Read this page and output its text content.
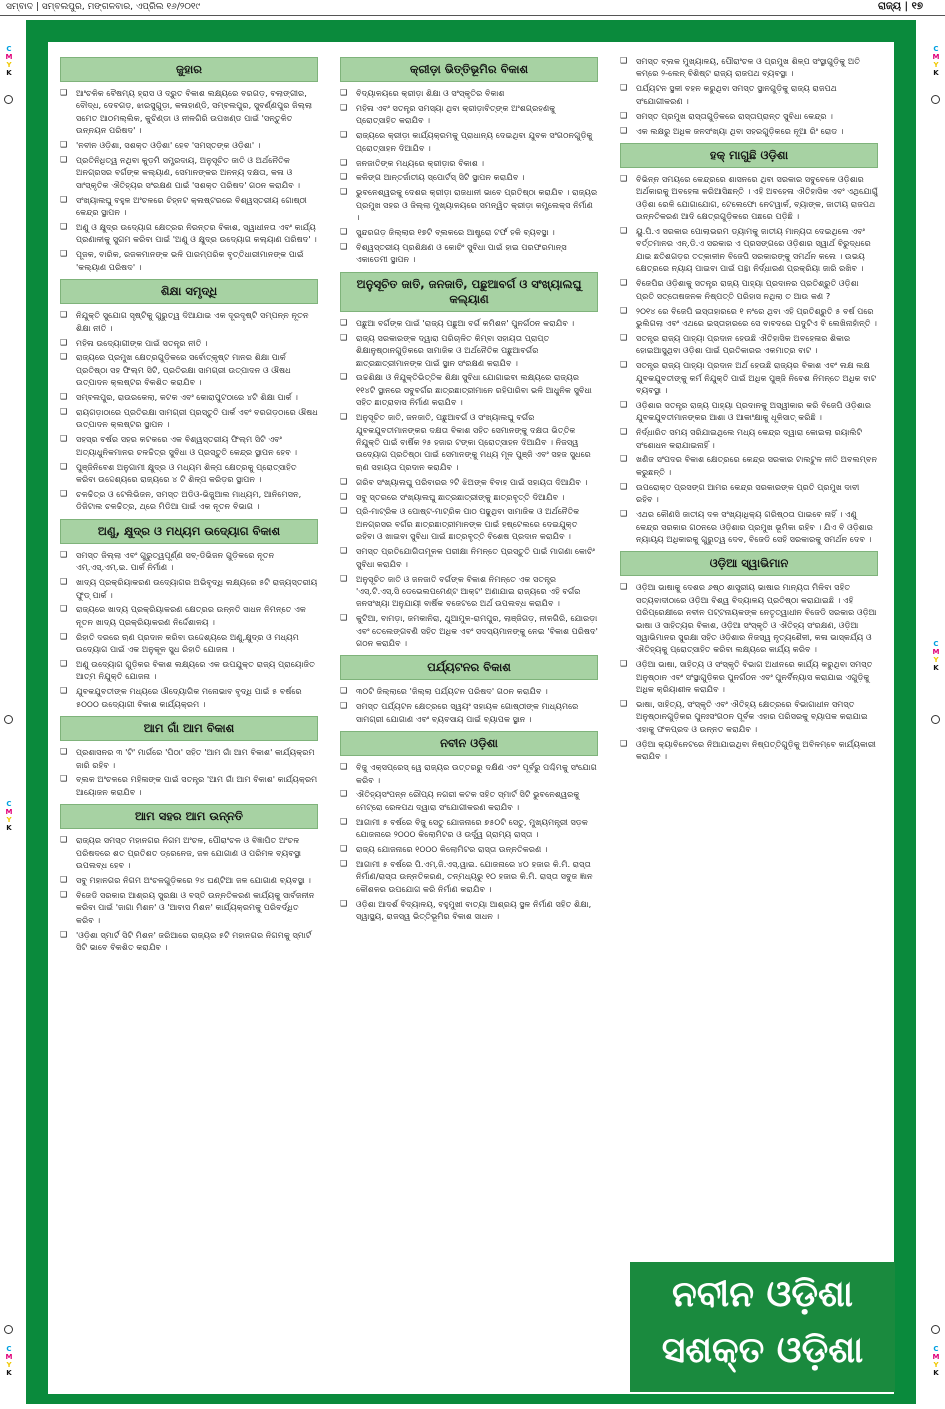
ସମ୍ବାଦ | ସମ୍ବଲପୁର, ମଙ୍ଗଳବାର, ଏପ୍ରିଲ ୧୬/୨୦୧୯	ରାଜ୍ୟ | ୧୭
C
M
Y
K
C
M
Y
K
C
M
Y
K
C
M
Y
K
C
M
Y
K
C
M
Y
K
ଜୁହାର
❑ ଆଂଚଳିକ ବୈଷମ୍ୟ ହ୍ରାସ ଓ ଦ୍ରୁତ ବିକାଶ ଲକ୍ଷ୍ୟରେ ବରଗଡ଼, ବଲାଙ୍ଗୀର, ବୌଦ୍ଧ, ଦେବଗଡ଼, ଝାରସୁଗୁଡ଼ା, କଳାହାଣ୍ଡି, ସମ୍ବଲପୁର, ସୁବର୍ଣ୍ଣପୁର ଜିଲ୍ଲା ସମେତ ଆଠମଲ୍ଲିକ, କୁଚିଣ୍ଡା ଓ ନୀଳଗିରି ଉପଖଣ୍ଡ ପାଇଁ 'ସନ୍ତୁଳିତ ଉନ୍ନୟନ ପରିଷଦ' ।
❑ 'ନବୀନ ଓଡ଼ିଶା, ସଶକ୍ତ ଓଡ଼ିଶା' ହେବ 'ସମସ୍ତଙ୍କ ଓଡ଼ିଶା' ।
❑ ପ୍ରତିନିଧିତ୍ୱ ନଥିବା କୁଡ଼ମି ସମ୍ପ୍ରଦାୟ, ଅନୁସୂଚିତ ଜାତି ଓ ଅର୍ଥନୈତିକ ଅନଗ୍ରସର ବର୍ଗଙ୍କ କଲ୍ୟାଣ, ସେମାନଙ୍କର ଅନନ୍ୟ ଦକ୍ଷତା, କଳା ଓ ସାଂସ୍କୃତିକ ଐତିହ୍ୟର ସଂରକ୍ଷଣ ପାଇଁ 'ସଶକ୍ତ ପରିଷଦ' ଗଠନ କରାଯିବ ।
❑ ସଂଖ୍ୟାଲଘୁ ବହୁଳ ଅଂଚଳରେ ଚିହ୍ନଟ କ୍ଲଷ୍ଟରରେ ବିଶ୍ୱସ୍ତରୀୟ ଗୋଷ୍ଠୀ କେନ୍ଦ୍ର ସ୍ଥାପନ ।
❑ ଅଣୁ ଓ କ୍ଷୁଦ୍ର ଉଦ୍ୟୋଗ କ୍ଷେତ୍ରର ନିରନ୍ତର ବିକାଶ, ସ୍ୱାଧୀନତା ଏବଂ କାର୍ଯ୍ୟ ପ୍ରଣାଳୀକୁ ସୁଗମ କରିବା ପାଇଁ 'ଅଣୁ ଓ କ୍ଷୁଦ୍ର ଉଦ୍ୟୋଗ କଲ୍ୟାଣ ପରିଷଦ' ।
❑ ପୂଜକ, ବାରିକ, ରଜକମାନଙ୍କ ଭଳି ପାରମ୍ପରିକ ବୃତ୍ତିଧାରୀମାନଙ୍କ ପାଇଁ 'କଲ୍ୟାଣ ପରିଷଦ' ।
ଶିକ୍ଷା ସମୃଦ୍ଧି
❑ ନିଯୁକ୍ତି ସୁଯୋଗ ସୃଷ୍ଟିକୁ ଗୁରୁତ୍ୱ ଦିଆଯାଇ ଏକ ଦୂରଦୃଷ୍ଟି ସମ୍ପନ୍ନ ନୂତନ ଶିକ୍ଷା ନୀତି ।
❑ ମହିଳା ଉଦ୍ୟୋଗୀଙ୍କ ପାଇଁ ସତନ୍ତ୍ର ନୀତି ।
❑ ରାଜ୍ୟରେ ପ୍ରମୁଖ କ୍ଷେତ୍ରଗୁଡ଼ିକରେ ସର୍ବୋତ୍କୃଷ୍ଟ ମାନର ଶିକ୍ଷା ପାର୍କ ପ୍ରତିଷ୍ଠା ସହ ଫିଲ୍ମ ସିଟି, ପ୍ରତିରକ୍ଷା ସାମଗ୍ରୀ ଉତ୍ପାଦନ ଓ ଔଷଧ ଉତ୍ପାଦନ କ୍ଲଷ୍ଟର ବିକଶିତ କରାଯିବ ।
❑ ସମ୍ବଲପୁର, ରାଉରକେଲା, କଟକ ଏବଂ କୋରାପୁଟଠାରେ ୪ଟି ଶିକ୍ଷା ପାର୍କ ।
❑ ରାୟଗଡ଼ାଠାରେ ପ୍ରତିରକ୍ଷା ସାମଗ୍ରୀ ପ୍ରସ୍ତୁତି ପାର୍କ ଏବଂ ବରଗଡ଼ଠାରେ ଔଷଧ ଉତ୍ପାଦନ କ୍ଲଷ୍ଟର ସ୍ଥାପନ ।
❑ ସହସ୍ର ବର୍ଷର ସହର କଟକରେ ଏକ ବିଶ୍ୱସ୍ତରୀୟ ଫିଲ୍ମ ସିଟି ଏବଂ ଅତ୍ୟାଧୁନିକମାନର ଚଳଚ୍ଚିତ୍ର ସୁବିଧା ଓ ପ୍ରସ୍ତୁତି କେନ୍ଦ୍ର ସ୍ଥାପନ ହେବ ।
❑ ପୁଞ୍ଜିନିବେଶ ଅନୁଗାମୀ କ୍ଷୁଦ୍ର ଓ ମଧ୍ୟମ ଶିଳ୍ପ କ୍ଷେତ୍ରକୁ ପ୍ରୋତ୍ସାହିତ କରିବା ଉଦ୍ଦେଶ୍ୟରେ ରାଜ୍ୟରେ ୪ ଟି ଶିଳ୍ପ କରିଡ଼ର ସ୍ଥାପନ ।
❑ ଚଳଚ୍ଚିତ୍ର ଓ ଟେଲିଭିଜନ, ସମସ୍ତ ଅଡିଓ-ଭିଜୁଆଲ ମାଧ୍ୟମ, ଆନିମେସନ, ଡିଜିଟାଲ ଚଳଚ୍ଚିତ୍ର, ଥ୍ରେ ମିଡିଆ ପାଇଁ ଏକ ନୂତନ ବିଭାଗ ।
ଅଣୁ, କ୍ଷୁଦ୍ର ଓ ମଧ୍ୟମ ଉଦ୍ୟୋଗ ବିକାଶ
❑ ସମସ୍ତ ଜିଲ୍ଲା ଏବଂ ଗୁରୁତ୍ୱପୂର୍ଣ୍ଣ ସବ୍-ଡିଭିଜନ ଗୁଡ଼ିକରେ ନୂତନ ଏମ୍.ଏସ୍.ଏମ୍.ଇ. ପାର୍କ ନିର୍ମାଣ ।
❑ ଖାଦ୍ୟ ପ୍ରକ୍ରିୟାକରଣ ଉଦ୍ୟୋଗର ଅଭିବୃଦ୍ଧି ଲକ୍ଷ୍ୟରେ ୫ଟି ରାଜ୍ୟସ୍ତରୀୟ ଫୁଡ୍ ପାର୍କ ।
❑ ରାଜ୍ୟରେ ଖାଦ୍ୟ ପ୍ରକ୍ରିୟାକରଣ କ୍ଷେତ୍ରର ଉନ୍ନତି ସାଧନ ନିମନ୍ତେ ଏକ ନୂତନ ଖାଦ୍ୟ ପ୍ରକ୍ରିୟାକରଣ ନିର୍ଦ୍ଦେଶାଳୟ ।
❑ ରିହାତି ଦରରେ ଋଣ ପ୍ରଦାନ କରିବା ଉଦ୍ଦେଶ୍ୟରେ ଅଣୁ,କ୍ଷୁଦ୍ର ଓ ମଧ୍ୟମ ଉଦ୍ୟୋଗ ପାଇଁ ଏକ ଅନୁକୂଳ ସୁଧ ରିହାତି ଯୋଜନା ।
❑ ଅଣୁ ଉଦ୍ୟୋଗ ଗୁଡ଼ିକର ବିକାଶ ଲକ୍ଷ୍ୟରେ ଏକ ଉପଯୁକ୍ତ ରାଜ୍ୟ ପ୍ରାୟୋଜିତ ଆତ୍ମ ନିଯୁକ୍ତି ଯୋଜନା ।
❑ ଯୁବକଯୁବତୀଙ୍କ ମଧ୍ୟରେ ଔଦ୍ୟୋଗିକ ମନୋଭାବ ବୃଦ୍ଧି ପାଇଁ ୫ ବର୍ଷରେ ୫୦୦୦ ଉଦ୍ୟୋଗୀ ବିକାଶ କାର୍ଯ୍ୟକ୍ରମ ।
ଆମ ଗାଁ ଆମ ବିକାଶ
❑ ପ୍ରଶାସନର ୩ 'ଟି' ମାର୍ଗରେ 'ପିଠା' ସହିତ 'ଆମ ଗାଁ ଆମ ବିକାଶ' କାର୍ଯ୍ୟକ୍ରମ ଜାରି ରହିବ ।
❑ ବ୍ଲକ ଅଂଚଳରେ ମହିଳାଙ୍କ ପାଇଁ ସତନ୍ତ୍ର 'ଆମ ଗାଁ ଆମ ବିକାଶ' କାର୍ଯ୍ୟକ୍ରମ ଆୟୋଜନ କରାଯିବ ।
ଆମ ସହର ଆମ ଉନ୍ନତି
❑ ରାଜ୍ୟର ସମସ୍ତ ମହାନଗର ନିଗମ ଅଂଚଳ, ପୌରାଂଚଳ ଓ ବିଜ୍ଞାପିତ ଅଂଚଳ ପରିଷଦରେ ଶତ ପ୍ରତିଶତ ଡ୍ରେନେଜ, ଜଳ ଯୋଗାଣ ଓ ପରିମଳ ବ୍ୟବସ୍ଥା ଉପଲବ୍ଧ ହେବ ।
❑ ସବୁ ମହାନଗର ନିଗମ ଅଂଚଳଗୁଡ଼ିକରେ ୨୪ ଘଣ୍ଟିଆ ଜଳ ଯୋଗାଣ ବ୍ୟବସ୍ଥା ।
❑ ବିଜେଡି ସରକାର ଆଶ୍ରୟ ସୁରକ୍ଷା ଓ ବସ୍ତି ଉନ୍ନତିକରଣ କାର୍ଯ୍ୟକୁ ସାର୍ବଜନୀନ କରିବା ପାଇଁ 'ଜାଗା ମିଶନ' ଓ 'ଆବାସ ମିଶନ' କାର୍ଯ୍ୟକ୍ରମକୁ ପରିବର୍ଦ୍ଧିତ କରିବ ।
❑ 'ଓଡ଼ିଶା ସ୍ମାର୍ଟ ସିଟି ମିଶନ' ଜରିଆରେ ରାଜ୍ୟର ୫ଟି ମହାନଗର ନିଗମକୁ ସ୍ମାର୍ଟ ସିଟି ଭାବେ ବିକଶିତ କରାଯିବ ।
କ୍ରୀଡ଼ା ଭିତ୍ତିଭୂମିର ବିକାଶ
❑ ବିଦ୍ୟାଳୟରେ କ୍ରୀଡ଼ା ଶିକ୍ଷା ଓ ସଂସ୍କୃତିର ବିକାଶ
❑ ମହିଳା ଏବଂ ସତନ୍ତ୍ର ସମସ୍ୟା ଥିବା କ୍ରୀଡ଼ାବିତ୍ଙ୍କ ଅଂଶଗ୍ରହଣକୁ ପ୍ରୋତ୍ସାହିତ କରାଯିବ ।
❑ ରାଜ୍ୟରେ କ୍ରୀଡ଼ା କାର୍ଯ୍ୟକ୍ରମକୁ ପ୍ରାଧାନ୍ୟ ଦେଇଥିବା ଯୁବକ ସଂଗଠନଗୁଡ଼ିକୁ ପ୍ରୋତ୍ସାହନ ଦିଆଯିବ ।
❑ ଜନଜାତିଙ୍କ ମଧ୍ୟରେ କ୍ରୀଡ଼ାର ବିକାଶ ।
❑ କଳିଙ୍ଗ ଆନ୍ତର୍ଜାତୀୟ ସ୍ପୋର୍ଟସ୍ ସିଟି ସ୍ଥାପନ କରାଯିବ ।
❑ ଭୁବନେଶ୍ୱରକୁ ଦେଶର କ୍ରୀଡ଼ା ରାଜଧାନୀ ଭାବେ ପ୍ରତିଷ୍ଠା କରାଯିବ । ରାଜ୍ୟର ପ୍ରମୁଖ ସହର ଓ ଜିଲ୍ଲା ମୁଖ୍ୟାଳୟରେ ସମନ୍ୱିତ କ୍ରୀଡ଼ା କମ୍ପ୍ଲେକ୍ସ ନିର୍ମାଣ ।
❑ ସୁନ୍ଦରଗଡ଼ ଜିଲ୍ଲାର ୧୭ଟି ବ୍ଲକରେ ଆଷ୍ଟ୍ରୋ ଟର୍ଫ ହକି ବ୍ୟବସ୍ଥା ।
❑ ବିଶ୍ୱସ୍ତରୀୟ ପ୍ରଶିକ୍ଷଣ ଓ କୋଚିଂ ସୁବିଧା ପାଇଁ ହାଇ ପରଫରମାନ୍ସ ଏକାଡେମୀ ସ୍ଥାପନ ।
ଅନୁସୂଚିତ ଜାତି, ଜନଜାତି, ପଛୁଆବର୍ଗ ଓ ସଂଖ୍ୟାଲଘୁ କଲ୍ୟାଣ
❑ ପଛୁଆ ବର୍ଗଙ୍କ ପାଇଁ 'ରାଜ୍ୟ ପଛୁଆ ବର୍ଗ କମିଶନ' ପୁନର୍ଗଠନ କରାଯିବ ।
❑ ରାଜ୍ୟ ସରକାରଙ୍କ ଦ୍ୱାରା ପରିଚାଳିତ କିମ୍ବା ସହାୟତା ପ୍ରାପ୍ତ ଶିକ୍ଷାନୁଷ୍ଠାନଗୁଡ଼ିକରେ ସାମାଜିକ ଓ ଅର୍ଥନୈତିକ ପଛୁଆବର୍ଗର ଛାତ୍ରଛାତ୍ରୀମାନଙ୍କ ପାଇଁ ସ୍ଥାନ ସଂରକ୍ଷଣ କରାଯିବ ।
❑ ଉଚ୍ଚଶିକ୍ଷା ଓ ନିଯୁକ୍ତିଭିତ୍ତିକ ଶିକ୍ଷା ସୁବିଧା ଯୋଗାଇବା ଲକ୍ଷ୍ୟରେ ରାଜ୍ୟର ୧୧୪ଟି ସ୍ଥାନରେ ସବୁବର୍ଗର ଛାତ୍ରଛାତ୍ରୀମାନେ ରହିପାରିବା ଭଳି ଆଧୁନିକ ସୁବିଧା ସହିତ ଛାତ୍ରାବାସ ନିର୍ମାଣ କରାଯିବ ।
❑ ଅନୁସୂଚିତ ଜାତି, ଜନଜାତି, ପଛୁଆବର୍ଗ ଓ ସଂଖ୍ୟାଲଘୁ ବର୍ଗର ଯୁବକଯୁବତୀମାନଙ୍କର ଦକ୍ଷତା ବିକାଶ ସହିତ ସେମାନଙ୍କୁ ଦକ୍ଷତା ଭିତ୍ତିକ ନିଯୁକ୍ତି ପାଇଁ ବାର୍ଷିକ ୨୫ ହଜାର ଟଙ୍କା ପ୍ରୋତ୍ସାହନ ଦିଆଯିବ । ନିଜସ୍ୱ ଉଦ୍ୟୋଗ ପ୍ରତିଷ୍ଠା ପାଇଁ ସେମାନଙ୍କୁ ମଧ୍ୟ ମୂଳ ପୁଞ୍ଜି ଏବଂ ସହଜ ସୁଧରେ ଋଣ ସହାୟତା ପ୍ରଦାନ କରାଯିବ ।
❑ ଗରିବ ସଂଖ୍ୟାଲଘୁ ପରିବାରର ୨ଟି ଝିଅଙ୍କ ବିବାହ ପାଇଁ ସହାୟତା ଦିଆଯିବ ।
❑ ସବୁ ସ୍ତରରେ ସଂଖ୍ୟାଲଘୁ ଛାତ୍ରଛାତ୍ରୀଙ୍କୁ ଛାତ୍ରବୃତ୍ତି ଦିଆଯିବ ।
❑ ପ୍ରି-ମାଟ୍ରିକ ଓ ପୋଷ୍ଟ-ମାଟ୍ରିକ ପାଠ ପଢୁଥିବା ସାମାଜିକ ଓ ଅର୍ଥନୈତିକ ଅନଗ୍ରସର ବର୍ଗର ଛାତ୍ରଛାତ୍ରୀମାନଙ୍କ ପାଇଁ ହଷ୍ଟେଲରେ ଦେଇଯୁକ୍ତ ରହିବା ଓ ଖାଇବା ସୁବିଧା ପାଇଁ ଛାତ୍ରବୃତ୍ତି ବିଶେଷ ପ୍ରଦାନ କରାଯିବ ।
❑ ସମସ୍ତ ପ୍ରତିଯୋଗିତାମୂଳକ ପରୀକ୍ଷା ନିମନ୍ତେ ପ୍ରସ୍ତୁତି ପାଇଁ ମାଗଣା କୋଚିଂ ସୁବିଧା କରାଯିବ ।
❑ ଅନୁସୂଚିତ ଜାତି ଓ ଜନଜାତି ବର୍ଗଙ୍କ ବିକାଶ ନିମନ୍ତେ ଏକ ସତନ୍ତ୍ର 'ଏସ୍.ଟି.ଏସ୍.ସି ଡେଭେଲପମେଣ୍ଟ ଆକ୍ଟ' ଅଣାଯାଇ ରାଜ୍ୟରେ ଏହି ବର୍ଗର ଜନସଂଖ୍ୟା ଅନୁଯାୟୀ ବାର୍ଷିକ ବଜେଟରେ ଅର୍ଥ ଉପଲବ୍ଧ କରାଯିବ ।
❑ କୁଟିଆ, ବାମଡ଼ା, ଜମକାନିରା, ଥୁଆମୁଳ-ରାମପୁର, ଲାଞ୍ଜିଗଡ଼, ନୀଳଗିରି, ଯୋରଡ଼ା ଏବଂ ତେଲେଙ୍ଗବଣି ସହିତ ଅଧିକ ଏବଂ ସଦସ୍ୟମାନଙ୍କୁ ନେଇ 'ବିକାଶ ପରିଷଦ' ଗଠନ କରାଯିବ ।
ପର୍ଯ୍ୟଟନର ବିକାଶ
❑ ୩୦ଟି ଜିଲ୍ଲାରେ 'ଜିଲ୍ଲା ପର୍ଯ୍ୟଟନ ପରିଷଦ' ଗଠନ କରାଯିବ ।
❑ ସମସ୍ତ ପର୍ଯ୍ୟଟନ କ୍ଷେତ୍ରରେ ସ୍ୱୟଂ ସହାୟକ ଗୋଷ୍ଠୀଙ୍କ ମାଧ୍ୟମରେ ସାମଗ୍ରୀ ଯୋଗାଣ ଏବଂ ବ୍ୟବସାୟ ପାଇଁ ବ୍ୟାପକ ସ୍ଥାନ ।
ନବୀନ ଓଡ଼ିଶା
❑ ବିଜୁ ଏକ୍ସପ୍ରେସ୍ ୱେ ରାଜ୍ୟର ଉତ୍ତରରୁ ଦକ୍ଷିଣ ଏବଂ ପୂର୍ବରୁ ପଶ୍ଚିମକୁ ସଂଯୋଗ କରିବ ।
❑ ଐତିହ୍ୟସଂପନ୍ନ ରୌପ୍ୟ ନଗରୀ କଟକ ସହିତ ସ୍ମାର୍ଟ ସିଟି ଭୁବନେଶ୍ୱରକୁ ମେଟ୍ରୋ ରେଳପଥ ଦ୍ୱାରା ସଂଯୋଗୀକରଣ କରାଯିବ ।
❑ ଆଗାମୀ ୫ ବର୍ଷରେ ବିଜୁ ସେତୁ ଯୋଜନାରେ ୭୫୦ଟି ସେତୁ, ମୁଖ୍ୟମନ୍ତ୍ରୀ ସଡ଼କ ଯୋଜନାରେ ୨୦୦୦ କିଲୋମିଟର ଓ ଉର୍ଦ୍ଧ୍ୱ ଗ୍ରାମ୍ୟ ରାସ୍ତା ।
❑ ରାଜ୍ୟ ଯୋଜନାରେ ୧୦୦୦ କିଲୋମିଟର ରାସ୍ତା ଉନ୍ନତିକରଣ ।
❑ ଆଗାମୀ ୫ ବର୍ଷରେ ପି.ଏମ୍.ଜି.ଏସ୍.ୱାଇ. ଯୋଜନାରେ ୪୦ ହଜାର କି.ମି. ରାସ୍ତା ନିର୍ମାଣ/ରାସ୍ତା ଉନ୍ନତିକରଣ, ତନ୍ମଧ୍ୟରୁ ୧୦ ହଜାର କି.ମି. ରାସ୍ତା ସବୁଜ ଜ୍ଞାନ କୌଶଳର ଉପଯୋଗ କରି ନିର୍ମାଣ କରାଯିବ ।
❑ ଓଡ଼ିଶା ଆଦର୍ଶ ବିଦ୍ୟାଳୟ, ବହୁମୁଖୀ ବାତ୍ୟା ଆଶ୍ରୟ ସ୍ଥଳ ନିର୍ମାଣ ସହିତ ଶିକ୍ଷା, ସ୍ୱାସ୍ଥ୍ୟ, ରାଜସ୍ୱ ଭିତ୍ତିଭୂମିର ବିକାଶ ସାଧନ ।
❑ ସମସ୍ତ ବ୍ଲକ ମୁଖ୍ୟାଳୟ, ପୌରାଂଚଳ ଓ ପ୍ରମୁଖ ଶିଳ୍ପ ସଂସ୍ଥାଗୁଡ଼ିକୁ ଅତି କମ୍ରେ ୨-ଲେନ୍ ବିଶିଷ୍ଟ ରାଜ୍ୟ ରାଜପଥ ବ୍ୟବସ୍ଥା ।
❑ ପର୍ଯ୍ୟଟନ ସ୍ଥଳୀ ବହନ କରୁଥିବା ସମସ୍ତ ସ୍ଥାନଗୁଡ଼ିକୁ ରାଜ୍ୟ ରାଜପଥ ସଂଯୋଗୀକରଣ ।
❑ ସମସ୍ତ ପ୍ରମୁଖ ରାସ୍ତାଗୁଡ଼ିକରେ ରାସ୍ତାପ୍ରାନ୍ତ ସୁବିଧା କେନ୍ଦ୍ର ।
❑ ଏକ ଲକ୍ଷରୁ ଅଧିକ ଜନସଂଖ୍ୟା ଥିବା ସହରଗୁଡ଼ିକରେ ନୂଆ ରିଂ ରୋଡ ।
ହକ୍ ମାଗୁଛି ଓଡ଼ିଶା
❑ ବିଭିନ୍ନ ସମୟରେ କେନ୍ଦ୍ରରେ ଶାସନରେ ଥିବା ସରକାର ସବୁବେଳେ ଓଡ଼ିଶାର ଅର୍ଥକାରକୁ ଅବହେଳା କରିଆସିଛନ୍ତି । ଏହି ଅବହେଳା ଐତିହାସିକ ଏବଂ ଏଥିଯୋଗୁଁ ଓଡ଼ିଶା ରେଳି ଯୋଗାଯୋଗ, ଟେଲେଫୋ ନେଟୱାର୍କ, ବ୍ୟାଙ୍କ, ଜାତୀୟ ରାଜପଥ ଉନ୍ନତିକରଣ ଆଦି କ୍ଷେତ୍ରଗୁଡ଼ିକରେ ପଛରେ ପଡ଼ିଛି ।
❑ ୟୁ.ପି.ଏ ସରକାର ପୋଲାଭରମ ଡ୍ୟାମକୁ ଜାତୀୟ ମାନ୍ୟତା ଦେଇଥିଲେ ଏବଂ ବର୍ତ୍ତମାନର ଏନ୍.ଡି.ଏ ସରକାର ଏ ପ୍ରସଙ୍ଗରେ ଓଡ଼ିଶାର ସ୍ୱାର୍ଥ ବିରୁଦ୍ଧରେ ଯାଇ ଛତିଶଗଡ଼ର ତତ୍କାଳୀନ ବିଜେପି ସରକାରଙ୍କୁ ସମର୍ଥନ କଲେ । ଉଭୟ କ୍ଷେତ୍ରରେ ନ୍ୟାୟ ପାଇବା ପାଇଁ ପନ୍ଥା ନିର୍ଦ୍ଧାରଣ ପ୍ରକ୍ରିୟା ଜାରି ରଖିବ ।
❑ ବିଜେପିର ଓଡ଼ିଶାକୁ ସତନ୍ତ୍ର ରାଜ୍ୟ ପାହ୍ୟା ପ୍ରଦାନର ପ୍ରତିଶ୍ରୁତି ଓଡ଼ିଶା ପ୍ରତି ସତ୍ତୋଷଜନକ ନିଷ୍ପତ୍ତି ପରିହାସ ନଥିଲା ତ ଆଉ କଣ ?
❑ ୨୦୧୪ ରେ ବିଜେପି ଇସ୍ତାହାରରେ ୧ ନଂରେ ଥିବା ଏହି ପ୍ରତିଶ୍ରୁତି ୫ ବର୍ଷ ପରେ ଭୁଲିଗଲା ଏବଂ ଏଥରେ ଇସ୍ତାହାରରେ ସେ ବାବଦରେ ପଦୁଟିଏ ବି ଲେଖିନାହାଁନ୍ତି ।
❑ ସତନ୍ତ୍ର ରାଜ୍ୟ ପାହ୍ୟା ପ୍ରଦାନ ହେଉଛି ଐତିହାସିକ ଅବହେଳାର ଶିକାର ହୋଇଆସୁଥିବା ଓଡ଼ିଶା ପାଇଁ ପ୍ରତିକାରର ଏକମାତ୍ର ବାଟ ।
❑ ସତନ୍ତ୍ର ରାଜ୍ୟ ପାହ୍ୟା ପ୍ରଦାନ ଅର୍ଥ ହେଉଛି ରାଜ୍ୟର ବିକାଶ ଏବଂ ଲକ୍ଷ ଲକ୍ଷ ଯୁବକଯୁବତୀଙ୍କୁ କର୍ମ ନିଯୁକ୍ତି ପାଇଁ ଅଧିକ ପୁଞ୍ଜି ନିବେଶ ନିମନ୍ତେ ଅଧିକ ବାଟ ବ୍ୟବସ୍ଥା ।
❑ ଓଡ଼ିଶାର ସତନ୍ତ୍ର ରାଜ୍ୟ ପାହ୍ୟା ପ୍ରଦାନକୁ ଅସ୍ୱୀକାର କରି ବିଜେପି ଓଡ଼ିଶାର ଯୁବକଯୁବତୀମାନଙ୍କର ଆଶା ଓ ଆକାଂକ୍ଷାକୁ ଧୂଳିସାତ୍ କରିଛି ।
❑ ନିର୍ଦ୍ଧାରିତ ସମୟ ସରିଯାଇଥିଲେ ମଧ୍ୟ କେନ୍ଦ୍ର ଦ୍ୱାରା କୋଇଲା ରୟାଲିଟି ସଂଶୋଧନ କରାଯାଇନାହିଁ ।
❑ ଖଣିଜ ସଂପଦର ବିକାଶ କ୍ଷେତ୍ରରେ କେନ୍ଦ୍ର ସରକାର ଟାଲଟୁଳ ନୀତି ଅବଲମ୍ବନ କରୁଛନ୍ତି ।
❑ ଉପରୋକ୍ତ ପ୍ରସଙ୍ଗ ଆମର କେନ୍ଦ୍ର ସରକାରଙ୍କ ପ୍ରତି ପ୍ରମୁଖ ଦାବୀ ରହିବ ।
❑ ଏଥର କୌଣସି ଜାତୀୟ ଦଳ ସଂଖ୍ୟାଧିକ୍ୟ ଗରିଷ୍ଠତା ପାଇବେ ନାହିଁ । ଏଣୁ କେନ୍ଦ୍ର ସରକାର ଗଠନରେ ଓଡ଼ିଶାର ପ୍ରମୁଖ ଭୂମିକା ରହିବ । ଯିଏ ବି ଓଡ଼ିଶାର ନ୍ୟାୟ୍ୟ ଅଧିକାରକୁ ଗୁରୁତ୍ୱ ଦେବ, ବିଜେଡି ସେହି ସରକାରକୁ ସମର୍ଥନ ଦେବ ।
ଓଡ଼ିଆ ସ୍ୱାଭିମାନ
❑ ଓଡ଼ିଆ ଭାଷାକୁ ଦେଶର ୬ଷ୍ଠ ଶାସ୍ତ୍ରୀୟ ଭାଷାର ମାନ୍ୟତା ମିଳିବା ସହିତ ସତ୍ୟବାଦୀଠାରେ ଓଡ଼ିଆ ବିଶ୍ୱ ବିଦ୍ୟାଳୟ ପ୍ରତିଷ୍ଠା କରାଯାଇଛି । ଏହି ପରିପ୍ରେକ୍ଷୀରେ ନବୀନ ପଟ୍ଟନାୟକଙ୍କ ନେତୃତ୍ୱାଧୀନ ବିଜେଡି ସରକାର ଓଡ଼ିଆ ଭାଷା ଓ ସାହିତ୍ୟର ବିକାଶ, ଓଡ଼ିଆ ସଂସ୍କୃତି ଓ ଐତିହ୍ୟ ସଂରକ୍ଷଣ, ଓଡ଼ିଆ ସ୍ୱାଭିମାନର ସୁରକ୍ଷା ସହିତ ଓଡ଼ିଶାର ନିଜସ୍ୱ ନୃତ୍ୟଶୈଳୀ, କଳା ଭାସ୍କର୍ଯ୍ୟ ଓ ଐତିହ୍ୟକୁ ପ୍ରୋତ୍ସାହିତ କରିବା ଲକ୍ଷ୍ୟରେ କାର୍ଯ୍ୟ କରିବ ।
❑ ଓଡ଼ିଆ ଭାଷା, ସାହିତ୍ୟ ଓ ସଂସ୍କୃତି ବିଭାଗ ଅଧୀନରେ କାର୍ଯ୍ୟ କରୁଥିବା ସମସ୍ତ ଅନୁଷ୍ଠାନ ଏବଂ ସଂସ୍ଥାଗୁଡ଼ିକର ପୁନର୍ଗଠନ ଏବଂ ପୁନର୍ବିନ୍ୟାସ କରାଯାଇ ଏଗୁଡ଼ିକୁ ଅଧିକ କ୍ରିୟାଶୀଳ କରାଯିବ ।
❑ ଭାଷା, ସାହିତ୍ୟ, ସଂସ୍କୃତି ଏବଂ ଐତିହ୍ୟ କ୍ଷେତ୍ରରେ ବିଭାଗାଧୀନ ସମସ୍ତ ଅନୁଷ୍ଠାନଗୁଡ଼ିକର ପୁନଃସଂଗଠନ ପୂର୍ବକ ଏହାର ପରିସରକୁ ବ୍ୟାପକ କରାଯାଇ ଏହାକୁ ଫଳପ୍ରଦ ଓ ଉନ୍ନତ କରାଯିବ ।
❑ ଓଡ଼ିଆ କ୍ୟାବିନେଟରେ ନିଆଯାଇଥିବା ନିଷ୍ପତ୍ତିଗୁଡ଼ିକୁ ଅବିଳମ୍ବେ କାର୍ଯ୍ୟକାରୀ କରାଯିବ ।
ନବୀନ ଓଡ଼ିଶା
ସଶକ୍ତ ଓଡ଼ିଶା
